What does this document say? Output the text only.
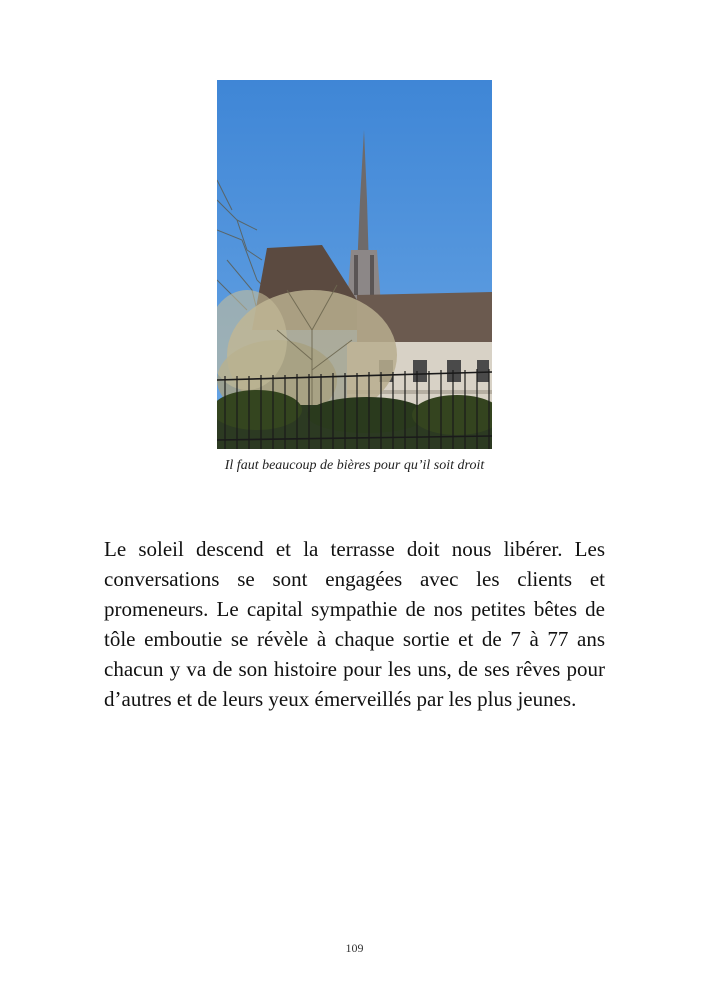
Il faut beaucoup de bières pour qu’il soit droit

Le soleil descend et la terrasse doit nous libérer. Les conversations se sont engagées avec les clients et promeneurs. Le capital sympathie de nos petites bêtes de tôle emboutie se révèle à chaque sortie et de 7 à 77 ans chacun y va de son histoire pour les uns, de ses rêves pour d’autres et de leurs yeux émerveillés par les plus jeunes.

109
